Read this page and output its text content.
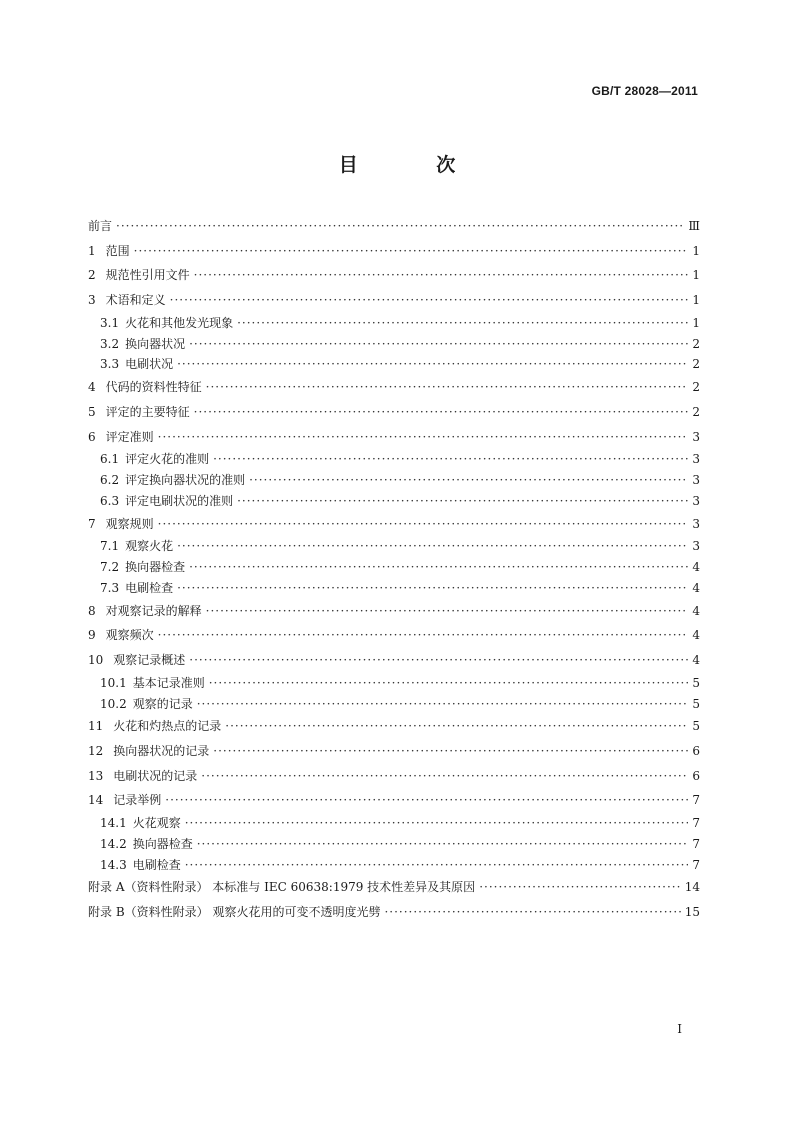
GB/T 28028—2011
目 次
前言 ·····	Ⅲ
1 范围 ·····	1
2 规范性引用文件 ·····	1
3 术语和定义 ·····	1
3.1 火花和其他发光现象 ·····	1
3.2 换向器状况 ·····	2
3.3 电刷状况 ·····	2
4 代码的资料性特征 ·····	2
5 评定的主要特征 ·····	2
6 评定准则 ·····	3
6.1 评定火花的准则 ·····	3
6.2 评定换向器状况的准则 ·····	3
6.3 评定电刷状况的准则 ·····	3
7 观察规则 ·····	3
7.1 观察火花 ·····	3
7.2 换向器检查 ·····	4
7.3 电刷检查 ·····	4
8 对观察记录的解释 ·····	4
9 观察频次 ·····	4
10 观察记录概述 ·····	4
10.1 基本记录准则 ·····	5
10.2 观察的记录 ·····	5
11 火花和灼热点的记录 ·····	5
12 换向器状况的记录 ·····	6
13 电刷状况的记录 ·····	6
14 记录举例 ·····	7
14.1 火花观察 ·····	7
14.2 换向器检查 ·····	7
14.3 电刷检查 ·····	7
附录 A（资料性附录） 本标准与 IEC 60638:1979 技术性差异及其原因 ·····	14
附录 B（资料性附录） 观察火花用的可变不透明度光劈 ·····	15
I
